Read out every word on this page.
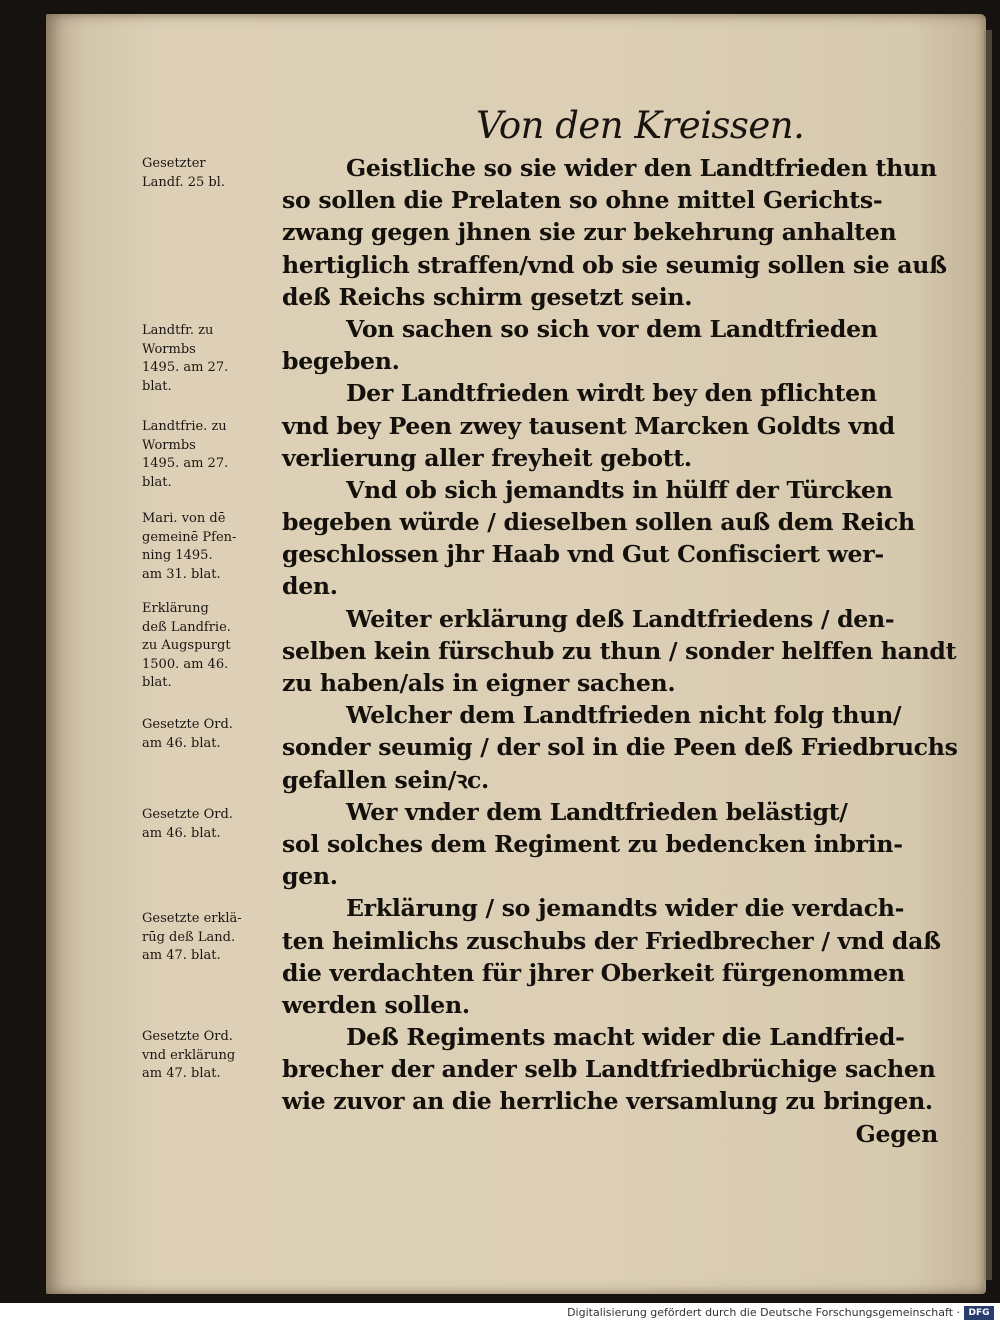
Von den Kreissen.
Geistliche so sie wider den Landtfrieden thun
so sollen die Prelaten so ohne mittel Gerichts-
zwang gegen jhnen sie zur bekehrung anhalten
hertiglich straffen/vnd ob sie seumig sollen sie auß
deß Reichs schirm gesetzt sein.
Von sachen so sich vor dem Landtfrieden
begeben.
Der Landtfrieden wirdt bey den pflichten
vnd bey Peen zwey tausent Marcken Goldts vnd
verlierung aller freyheit gebott.
Vnd ob sich jemandts in hülff der Türcken
begeben würde / dieselben sollen auß dem Reich
geschlossen jhr Haab vnd Gut Confisciert wer-
den.
Weiter erklärung deß Landtfriedens / den-
selben kein fürschub zu thun / sonder helffen handt
zu haben/als in eigner sachen.
Welcher dem Landtfrieden nicht folg thun/
sonder seumig / der sol in die Peen deß Friedbruchs
gefallen sein/ꝛc.
Wer vnder dem Landtfrieden belästigt/
sol solches dem Regiment zu bedencken inbrin-
gen.
Erklärung / so jemandts wider die verdach-
ten heimlichs zuschubs der Friedbrecher / vnd daß
die verdachten für jhrer Oberkeit fürgenommen
werden sollen.
Deß Regiments macht wider die Landfried-
brecher der ander selb Landtfriedbrüchige sachen
wie zuvor an die herrliche versamlung zu bringen.
Gegen
Gesetzter
Landf. 25 bl.
Landtfr. zu
Wormbs
1495. am 27.
blat.
Landtfrie. zu
Wormbs
1495. am 27.
blat.
Mari. von dē
gemeinē Pfen-
ning 1495.
am 31. blat.
Erklärung
deß Landfrie.
zu Augspurgt
1500. am 46.
blat.
Gesetzte Ord.
am 46. blat.
Gesetzte Ord.
am 46. blat.
Gesetzte erklä-
rūg deß Land.
am 47. blat.
Gesetzte Ord.
vnd erklärung
am 47. blat.
Digitalisierung gefördert durch die Deutsche Forschungsgemeinschaft · DFG
